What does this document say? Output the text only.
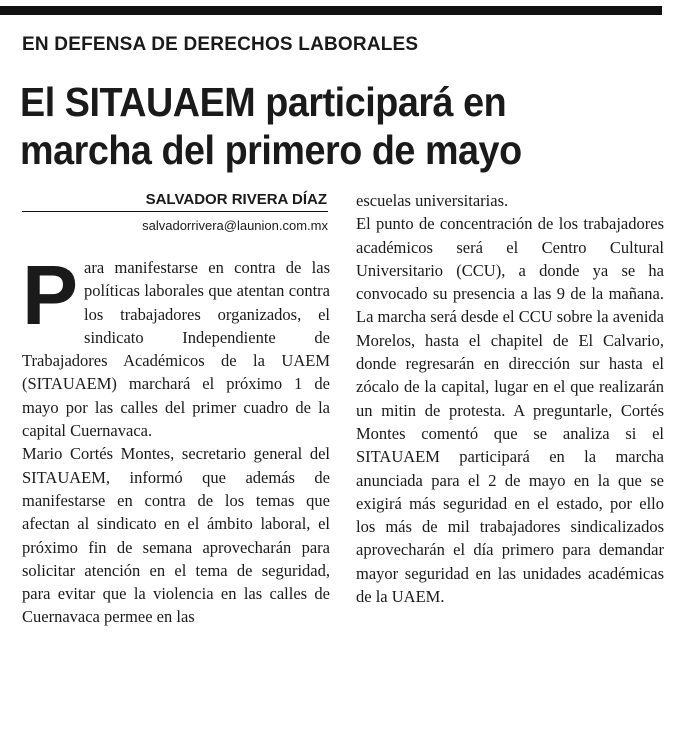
EN DEFENSA DE DERECHOS LABORALES
El SITAUAEM participará en
marcha del primero de mayo
SALVADOR RIVERA DÍAZ
salvadorrivera@launion.com.mx

Para manifestarse en contra de las políticas laborales que atentan contra los trabajadores organizados, el sindicato Independiente de Trabajadores Académicos de la UAEM (SITAUAEM) marchará el próximo 1 de mayo por las calles del primer cuadro de la capital Cuernavaca.

Mario Cortés Montes, secretario general del SITAUAEM, informó que además de manifestarse en contra de los temas que afectan al sindicato en el ámbito laboral, el próximo fin de semana aprovecharán para solicitar atención en el tema de seguridad, para evitar que la violencia en las calles de Cuernavaca permee en las

escuelas universitarias.

El punto de concentración de los trabajadores académicos será el Centro Cultural Universitario (CCU), a donde ya se ha convocado su presencia a las 9 de la mañana. La marcha será desde el CCU sobre la avenida Morelos, hasta el chapitel de El Calvario, donde regresarán en dirección sur hasta el zócalo de la capital, lugar en el que realizarán un mitin de protesta. A preguntarle, Cortés Montes comentó que se analiza si el SITAUAEM participará en la marcha anunciada para el 2 de mayo en la que se exigirá más seguridad en el estado, por ello los más de mil trabajadores sindicalizados aprovecharán el día primero para demandar mayor seguridad en las unidades académicas de la UAEM.
